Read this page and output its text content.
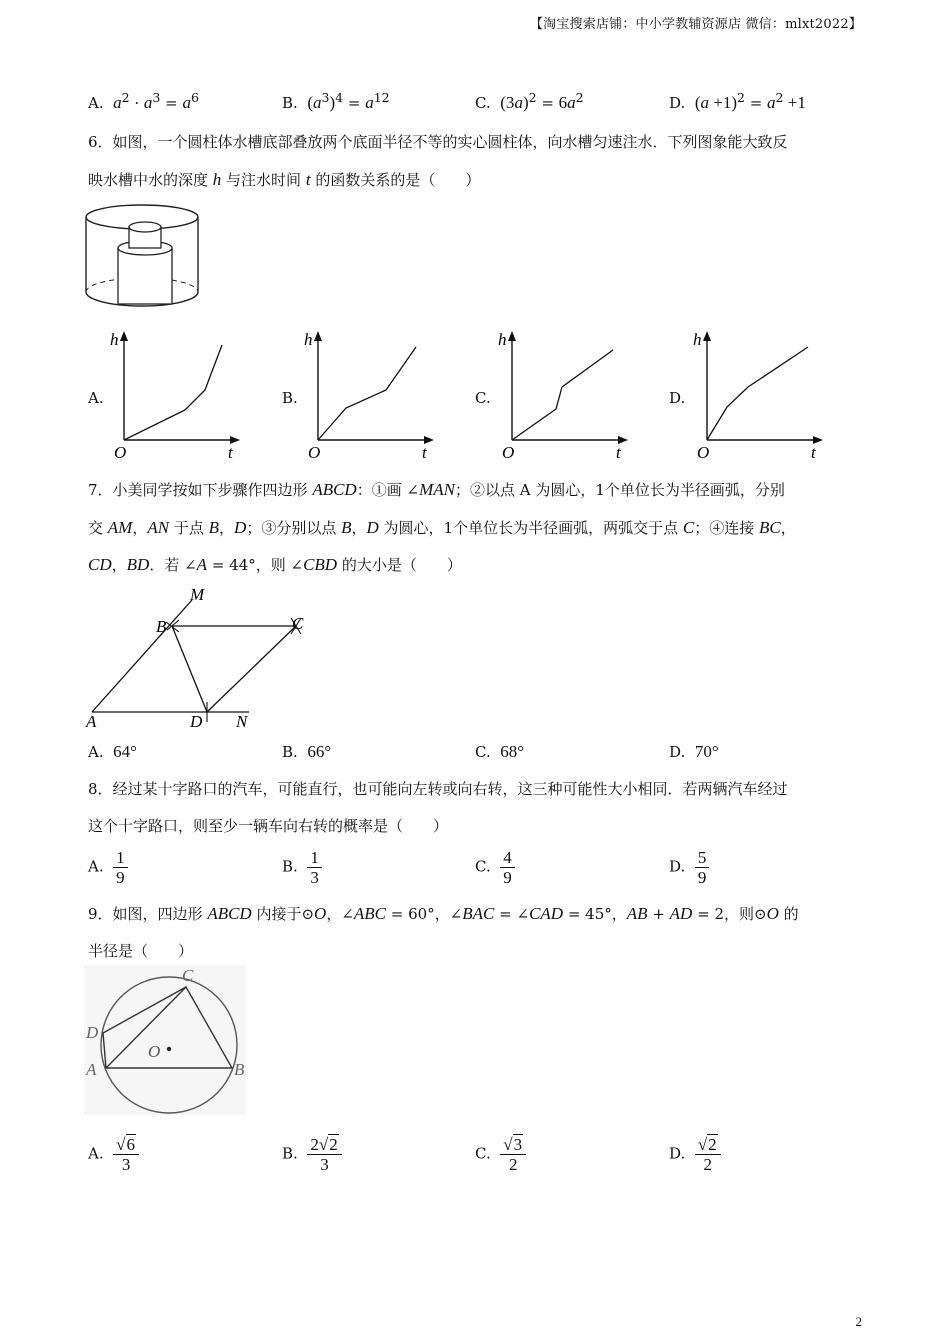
【淘宝搜索店铺：中小学教辅资源店 微信：mlxt2022】
A. $a^2 \cdot a^3 = a^6$	B. $(a^3)^4 = a^{12}$	C. $(3a)^2 = 6a^2$	D. $(a +1)^2 = a^2 +1$
6．如图，一个圆柱体水槽底部叠放两个底面半径不等的实心圆柱体，向水槽匀速注水．下列图象能大致反
映水槽中水的深度 h 与注水时间 t 的函数关系的是（　　）
A.
h
O	t
B.
h
O	t
C.
h
O	t
D.
h
O	t
7．小美同学按如下步骤作四边形 ABCD：①画 ∠MAN；②以点 A 为圆心，1个单位长为半径画弧，分别
交 AM，AN 于点 B，D；③分别以点 B，D 为圆心，1个单位长为半径画弧，两弧交于点 C；④连接 BC，
CD，BD．若 ∠A = 44°，则 ∠CBD 的大小是（　　）
A
B	C
D
M
N
A. 64°	B. 66°	C. 68°	D. 70°
8．经过某十字路口的汽车，可能直行，也可能向左转或向右转，这三种可能性大小相同．若两辆汽车经过
这个十字路口，则至少一辆车向右转的概率是（　　）
A. $\frac{1}{9}$	B. $\frac{1}{3}$	C. $\frac{4}{9}$	D. $\frac{5}{9}$
9．如图，四边形 ABCD 内接于⊙O，∠ABC = 60°，∠BAC = ∠CAD = 45°，AB + AD = 2，则⊙O 的
半径是（　　）
A	B
C
D
O
A. $\frac{√6}{3}$	B. $\frac{2√2}{3}$	C. $\frac{√3}{2}$	D. $\frac{√2}{2}$
2
